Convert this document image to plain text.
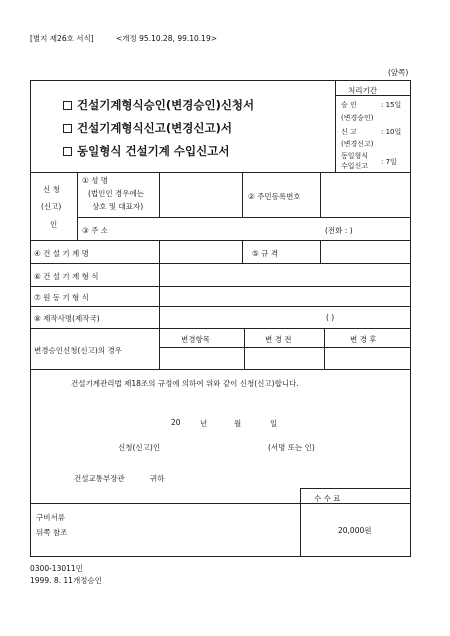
[별지 제26호 서식]	<개정 95.10.28, 99.10.19>
(앞쪽)
건설기계형식승인(변경승인)신청서
건설기계형식신고(변경신고)서
동일형식 건설기계 수입신고서
처리기간
승 인	: 15일
(변경승인)
신 고	: 10일
(변경신고)
동일형식
수입신고 : 7일
신 청
(신고)
인
① 성 명
(법인인 경우에는
상호 및 대표자)
② 주민등록번호
③ 주 소	(전화 : )
④ 건 설 기 계 명	⑤ 규 격
⑥ 건 설 기 계 형 식
⑦ 원 동 기 형 식
⑧ 제작사명(제작국)	( )
변경승인신청(신고)의 경우
변경항목	변 경 전	변 경 후
건설기계관리법 제18조의 규정에 의하여 위와 같이 신청(신고)합니다.
20	년	월	일
신청(신고)인	(서명 또는 인)
건설교통부장관	귀하
수 수 료
구비서류
뒤쪽 참조	20,000원
0300-13011민
1999. 8. 11개정승인
